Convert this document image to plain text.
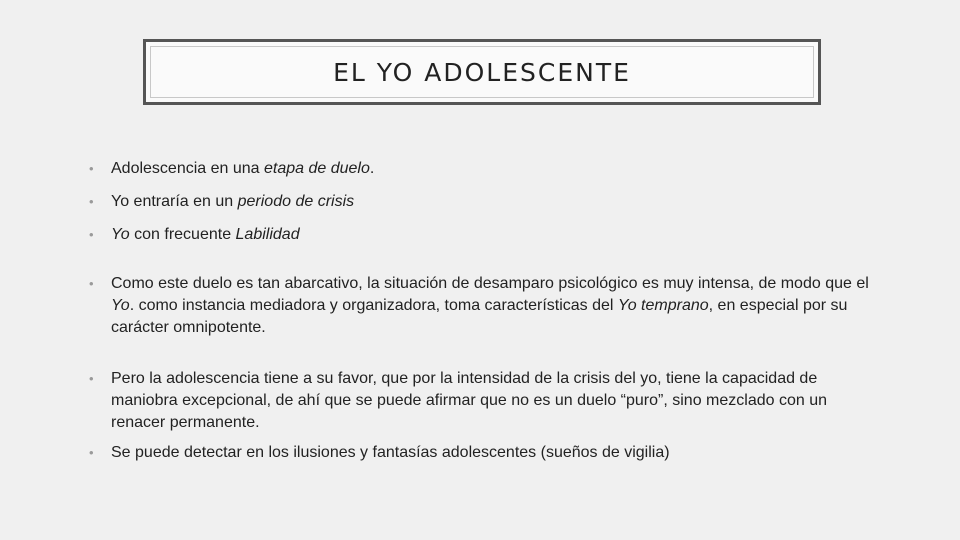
EL YO ADOLESCENTE
• Adolescencia en una etapa de duelo.
• Yo entraría en un periodo de crisis
• Yo con frecuente Labilidad
• Como este duelo es tan abarcativo, la situación de desamparo psicológico es muy intensa, de modo que el Yo. como instancia mediadora y organizadora, toma características del Yo temprano, en especial por su carácter omnipotente.
• Pero la adolescencia tiene a su favor, que por la intensidad de la crisis del yo, tiene la capacidad de maniobra excepcional, de ahí que se puede afirmar que no es un duelo “puro”, sino mezclado con un renacer permanente.
• Se puede detectar en los ilusiones y fantasías adolescentes (sueños de vigilia)
